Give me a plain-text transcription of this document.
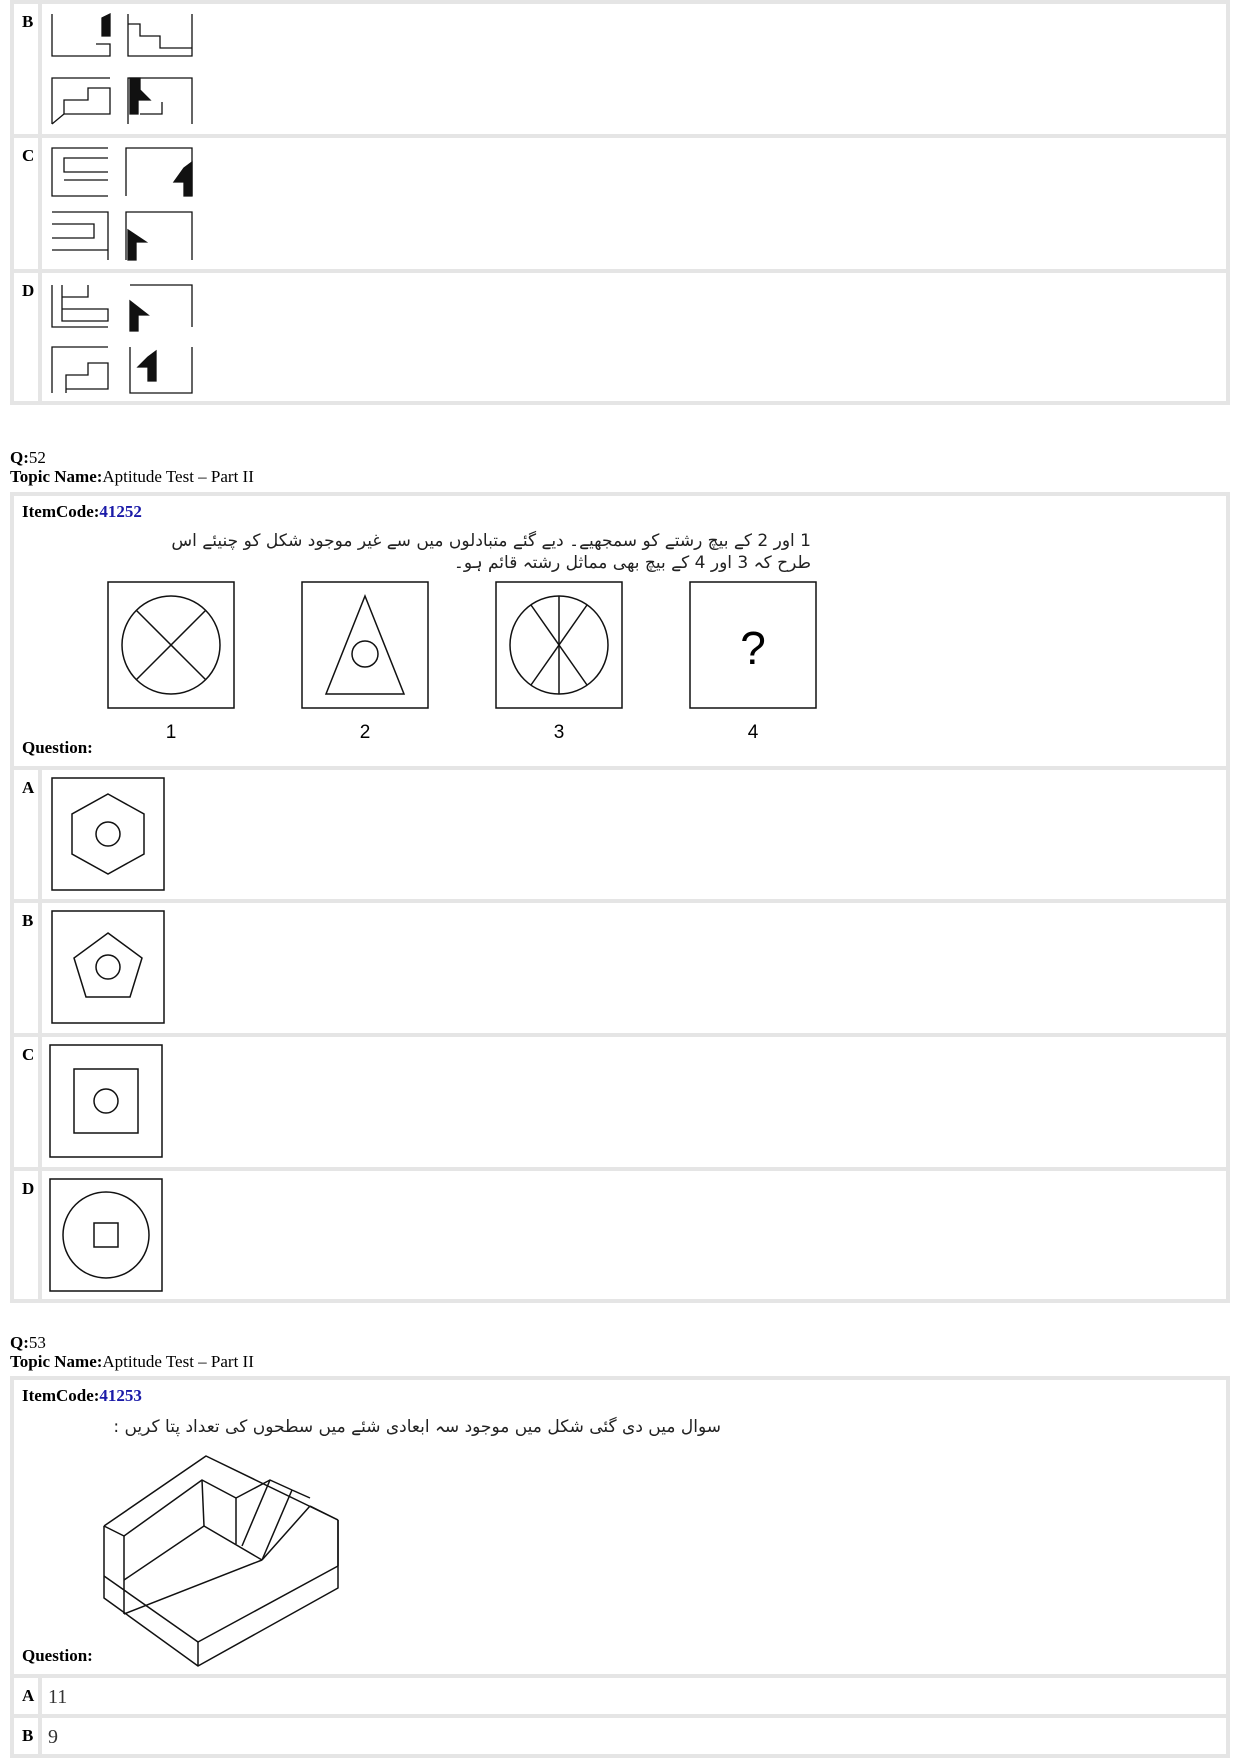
B
C
D
Q:52
Topic Name:Aptitude Test – Part II
ItemCode:41252
1 اور 2 کے بیچ رشتے کو سمجھیے۔ دیے گئے متبادلوں میں سے غیر موجود شکل کو چنیئے اس
طرح کہ 3 اور 4 کے بیچ بھی مماثل رشتہ قائم ہو۔
?
1	2	3	4
Question:
A
B
C
D
Q:53
Topic Name:Aptitude Test – Part II
ItemCode:41253
سوال میں دی گئی شکل میں موجود سہ ابعادی شئے میں سطحوں کی تعداد پتا کریں :
Question:
A 11
B 9
